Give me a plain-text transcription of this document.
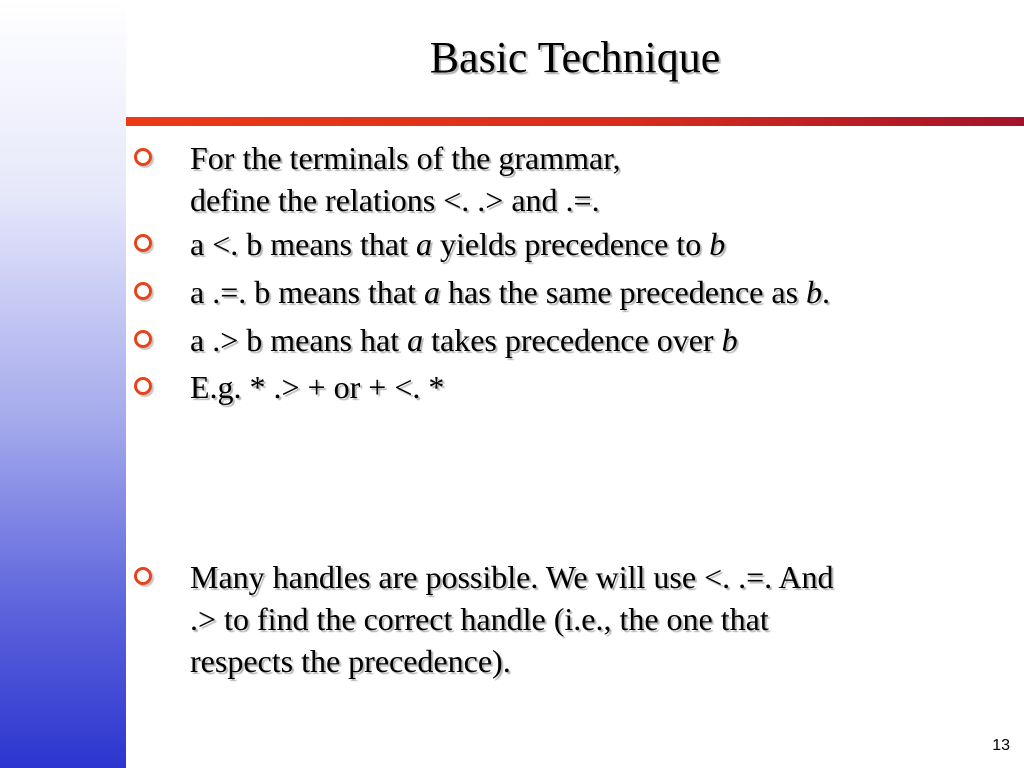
Basic Technique
For the terminals of the grammar,
define the relations <. .> and .=.
a <. b means that a yields precedence to b
a .=. b means that a has the same precedence as b.
a .> b means hat a takes precedence over b
E.g. * .> + or + <. *
Many handles are possible. We will use <. .=. And
.> to find the correct handle (i.e., the one that
respects the precedence).
13
